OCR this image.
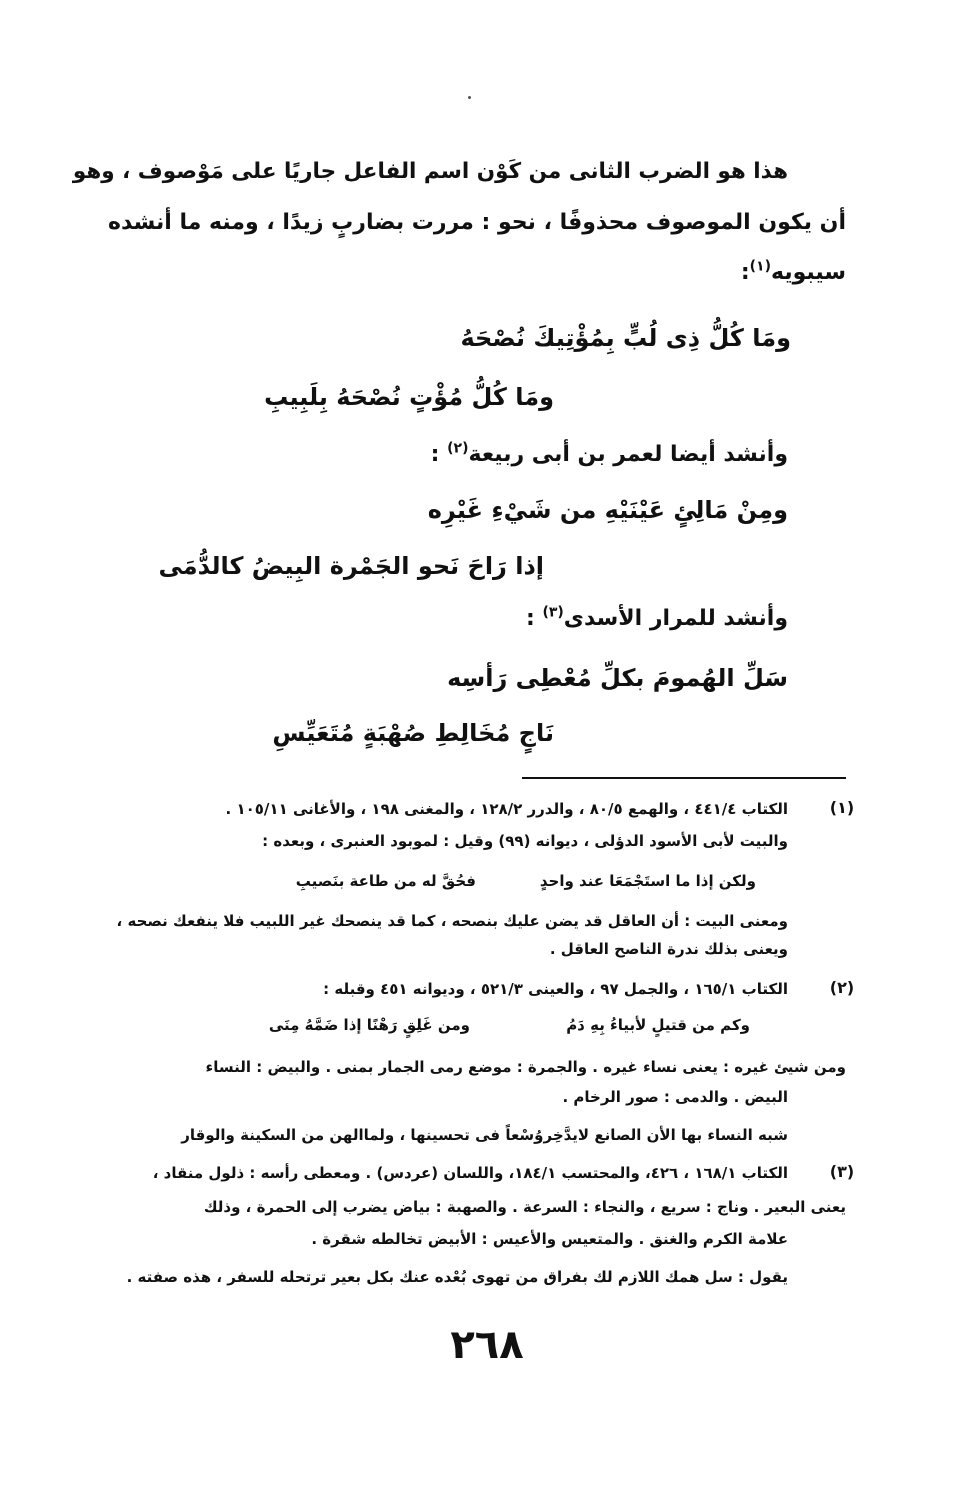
هذا هو الضرب الثانى من كَوْن اسم الفاعل جاريًا على مَوْصوف ، وهو
أن يكون الموصوف محذوفًا ، نحو : مررت بضاربٍ زيدًا ، ومنه ما أنشده
سيبويه$^{(١)}$:
ومَا كُلُّ ذِى لُبٍّ بِمُؤْتِيكَ نُصْحَهُ
ومَا كُلُّ مُؤْتٍ نُصْحَهُ بِلَبِيبِ
وأنشد أيضا لعمر بن أبى ربيعة$^{(٢)}$ :
ومِنْ مَالِئٍ عَيْنَيْهِ من شَيْءِ غَيْرِه
إذا رَاحَ نَحو الجَمْرة البِيضُ كالدُّمَى
وأنشد للمرار الأسدى$^{(٣)}$ :
سَلِّ الهُمومَ بكلِّ مُعْطِى رَأسِه
نَاجٍ مُخَالِطِ صُهْبَةٍ مُتَعَيِّسِ
(١)
الكتاب ٤٤١/٤ ، والهمع ٨٠/٥ ، والدرر ١٢٨/٢ ، والمغنى ١٩٨ ، والأغانى ١٠٥/١١ .
والبيت لأبى الأسود الدؤلى ، ديوانه (٩٩) وقيل : لموبود العنبرى ، وبعده :
ولكن إذا ما استَجْمَعَا عند واحدٍ
فحُقَّ له من طاعة بنَصيبِ
ومعنى البيت : أن العاقل قد يضن عليك بنصحه ، كما قد ينصحك غير اللبيب فلا ينفعك نصحه ،
ويعنى بذلك ندرة الناصح العاقل .
(٢)
الكتاب ١٦٥/١ ، والجمل ٩٧ ، والعينى ٥٢١/٣ ، وديوانه ٤٥١ وقبله :
وكم من قتيلٍ لأبياءُ بِهِ دَمُ
ومن غَلِقٍ رَهْنًا إذا ضَمَّهُ مِنَى
ومن شيئ غيره : يعنى نساء غيره . والجمرة : موضع رمى الجمار بمنى . والبيض : النساء
البيض . والدمى : صور الرخام .
شبه النساء بها الأن الصانع لايدَّخِروُسْعاً فى تحسينها ، ولماالهن من السكينة والوقار
(٣)
الكتاب ١٦٨/١ ، ٤٢٦، والمحتسب ١٨٤/١، واللسان (عردس) . ومعطى رأسه : ذلول منقاد ،
يعنى البعير . وناج : سريع ، والنجاء : السرعة . والصهبة : بياض يضرب إلى الحمرة ، وذلك
علامة الكرم والغنق . والمتعيس والأعيس : الأبيض تخالطه شقرة .
يقول : سل همك اللازم لك بفراق من تهوى بُعْده عنك بكل بعير ترتحله للسفر ، هذه صفته .
٢٦٨
